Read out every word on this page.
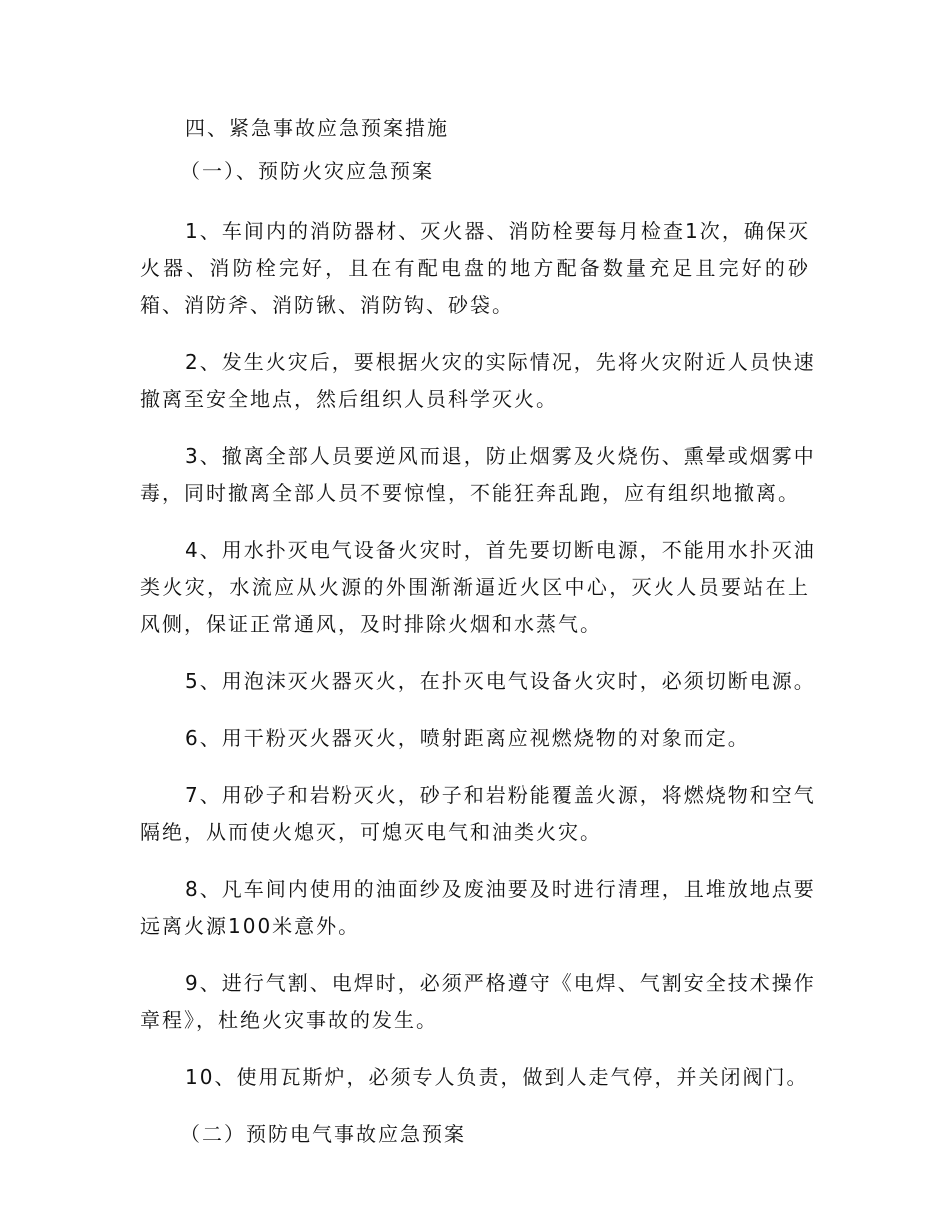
四、紧急事故应急预案措施
（一）、预防火灾应急预案
1、车间内的消防器材、灭火器、消防栓要每月检查1次，确保灭
火器、消防栓完好，且在有配电盘的地方配备数量充足且完好的砂
箱、消防斧、消防锹、消防钩、砂袋。
2、发生火灾后，要根据火灾的实际情况，先将火灾附近人员快速
撤离至安全地点，然后组织人员科学灭火。
3、撤离全部人员要逆风而退，防止烟雾及火烧伤、熏晕或烟雾中
毒，同时撤离全部人员不要惊惶，不能狂奔乱跑，应有组织地撤离。
4、用水扑灭电气设备火灾时，首先要切断电源，不能用水扑灭油
类火灾，水流应从火源的外围渐渐逼近火区中心，灭火人员要站在上
风侧，保证正常通风，及时排除火烟和水蒸气。
5、用泡沫灭火器灭火，在扑灭电气设备火灾时，必须切断电源。
6、用干粉灭火器灭火，喷射距离应视燃烧物的对象而定。
7、用砂子和岩粉灭火，砂子和岩粉能覆盖火源，将燃烧物和空气
隔绝，从而使火熄灭，可熄灭电气和油类火灾。
8、凡车间内使用的油面纱及废油要及时进行清理，且堆放地点要
远离火源100米意外。
9、进行气割、电焊时，必须严格遵守《电焊、气割安全技术操作
章程》，杜绝火灾事故的发生。
10、使用瓦斯炉，必须专人负责，做到人走气停，并关闭阀门。
（二）预防电气事故应急预案
